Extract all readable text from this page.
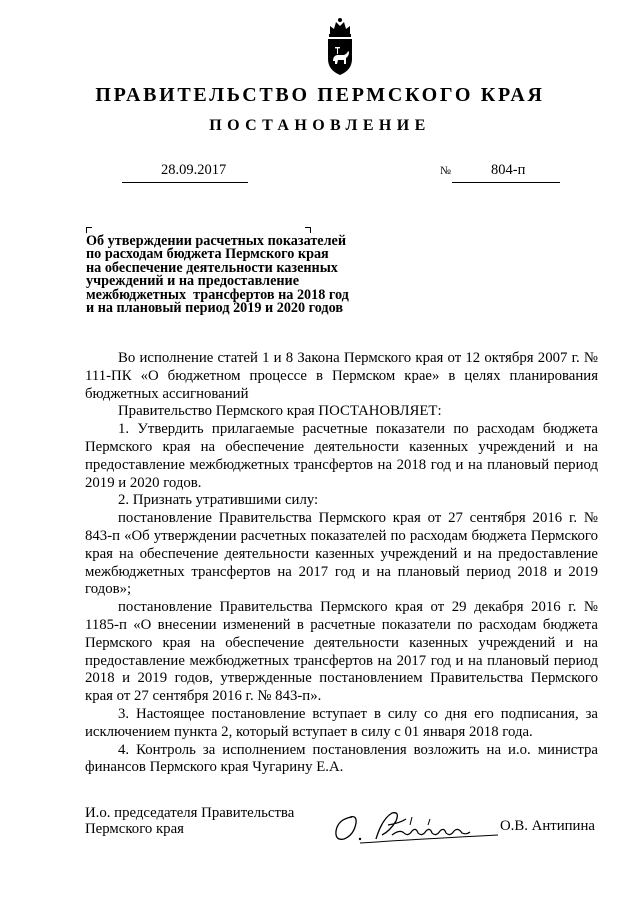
ПРАВИТЕЛЬСТВО ПЕРМСКОГО КРАЯ
ПОСТАНОВЛЕНИЕ
28.09.2017	№	804-п
Об утверждении расчетных показателей
по расходам бюджета Пермского края
на обеспечение деятельности казенных
учреждений и на предоставление
межбюджетных  трансфертов на 2018 год
и на плановый период 2019 и 2020 годов

Во исполнение статей 1 и 8 Закона Пермского края от 12 октября 2007 г. № 111-ПК «О бюджетном процессе в Пермском крае» в целях планирования бюджетных ассигнований

Правительство Пермского края ПОСТАНОВЛЯЕТ:

1. Утвердить прилагаемые расчетные показатели по расходам бюджета Пермского края на обеспечение деятельности казенных учреждений и на предоставление межбюджетных трансфертов на 2018 год и на плановый период 2019 и 2020 годов.

2. Признать утратившими силу:

постановление Правительства Пермского края от 27 сентября 2016 г. № 843-п «Об утверждении расчетных показателей по расходам бюджета Пермского края на обеспечение деятельности казенных учреждений и на предоставление межбюджетных трансфертов на 2017 год и на плановый период 2018 и 2019 годов»;

постановление Правительства Пермского края от 29 декабря 2016 г. № 1185-п «О внесении изменений в расчетные показатели по расходам бюджета Пермского края на обеспечение деятельности казенных учреждений и на предоставление межбюджетных трансфертов на 2017 год и на плановый период 2018 и 2019 годов, утвержденные постановлением Правительства Пермского края от 27 сентября 2016 г. № 843-п».

3. Настоящее постановление вступает в силу со дня его подписания, за исключением пункта 2, который вступает в силу с 01 января 2018 года.

4. Контроль за исполнением постановления возложить на и.о. министра финансов Пермского края Чугарину Е.А.

И.о. председателя Правительства
Пермского края	О.В. Антипина
